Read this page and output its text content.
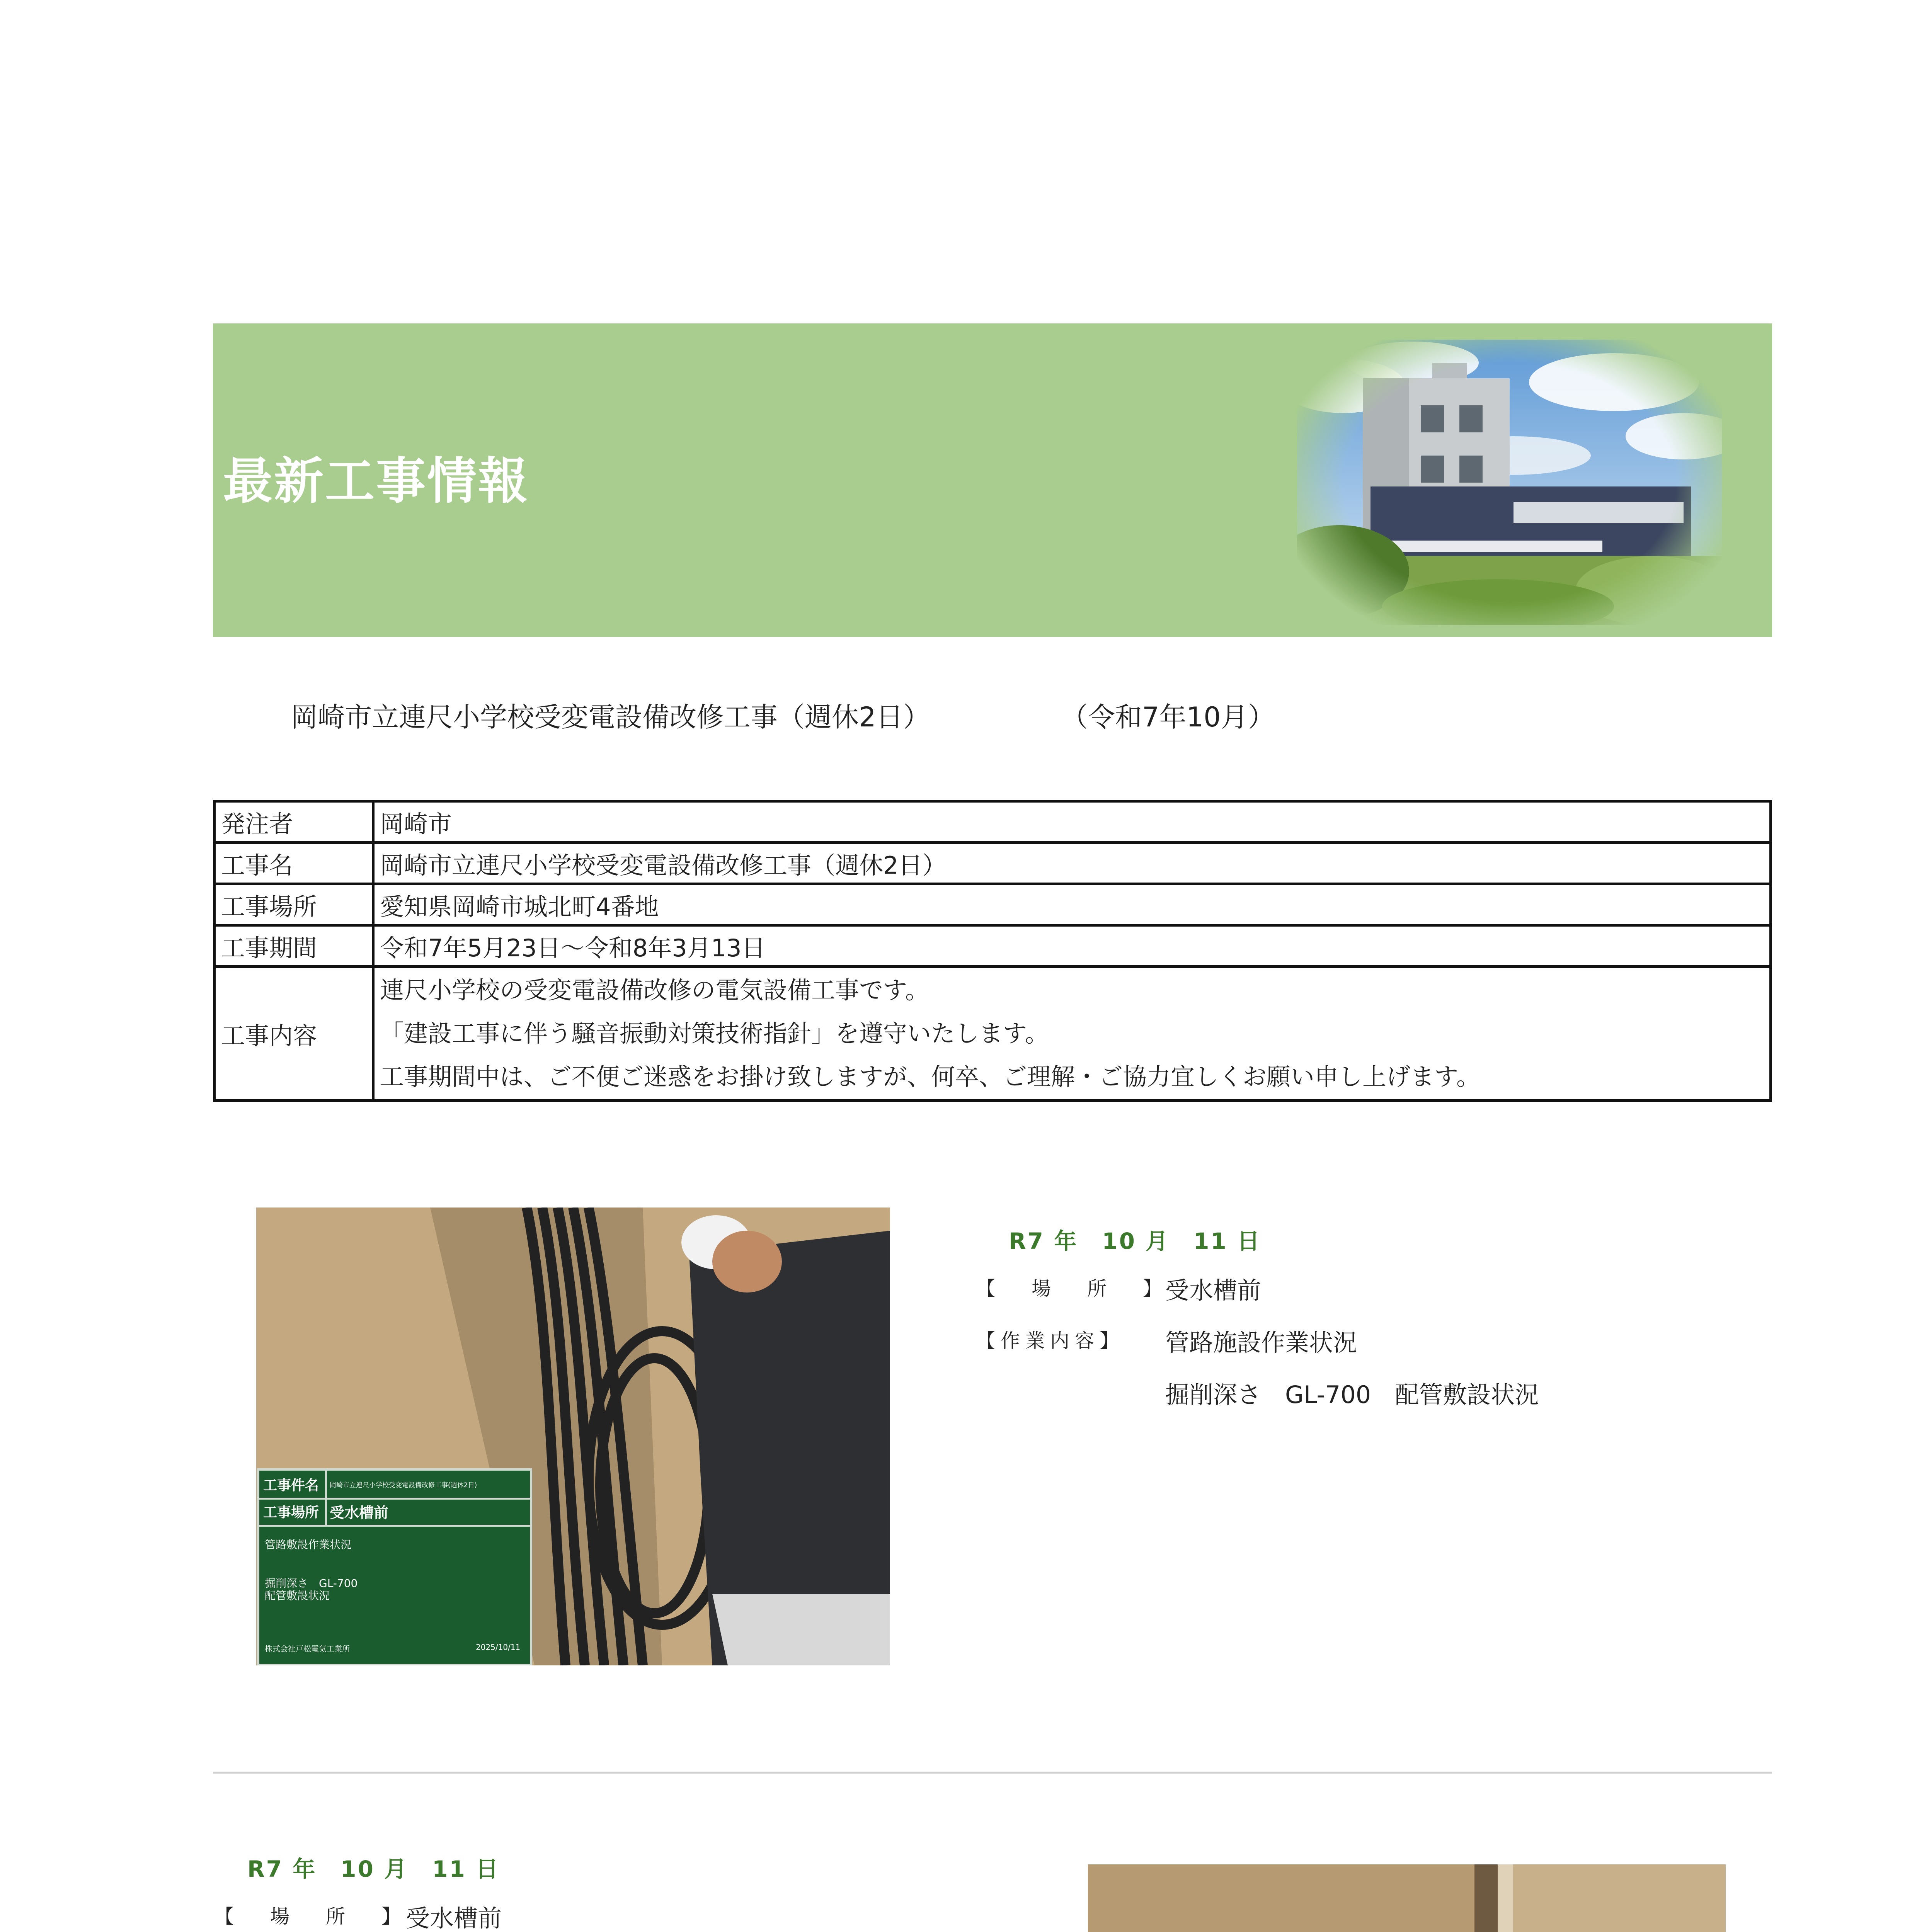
最新工事情報
岡崎市立連尺小学校受変電設備改修工事（週休2日）	（令和7年10月）
発注者	岡崎市
工事名	岡崎市立連尺小学校受変電設備改修工事（週休2日）
工事場所	愛知県岡崎市城北町4番地
工事期間	令和7年5月23日～令和8年3月13日
工事内容	連尺小学校の受変電設備改修の電気設備工事です。
「建設工事に伴う騒音振動対策技術指針」を遵守いたします。
工事期間中は、ご不便ご迷惑をお掛け致しますが、何卒、ご理解・ご協力宜しくお願い申し上げます。
工事件名	岡崎市立連尺小学校受変電設備改修工事(週休2日)
工事場所 受水槽前
管路敷設作業状況
掘削深さ　GL-700
配管敷設状況
株式会社戸松電気工業所	2025/10/11
R7 年　10 月　11 日
【　場　所　】
受水槽前
【作業内容】 管路施設作業状況
掘削深さ　GL-700　配管敷設状況
R7 年　10 月　11 日
【　場　所　】
受水槽前
